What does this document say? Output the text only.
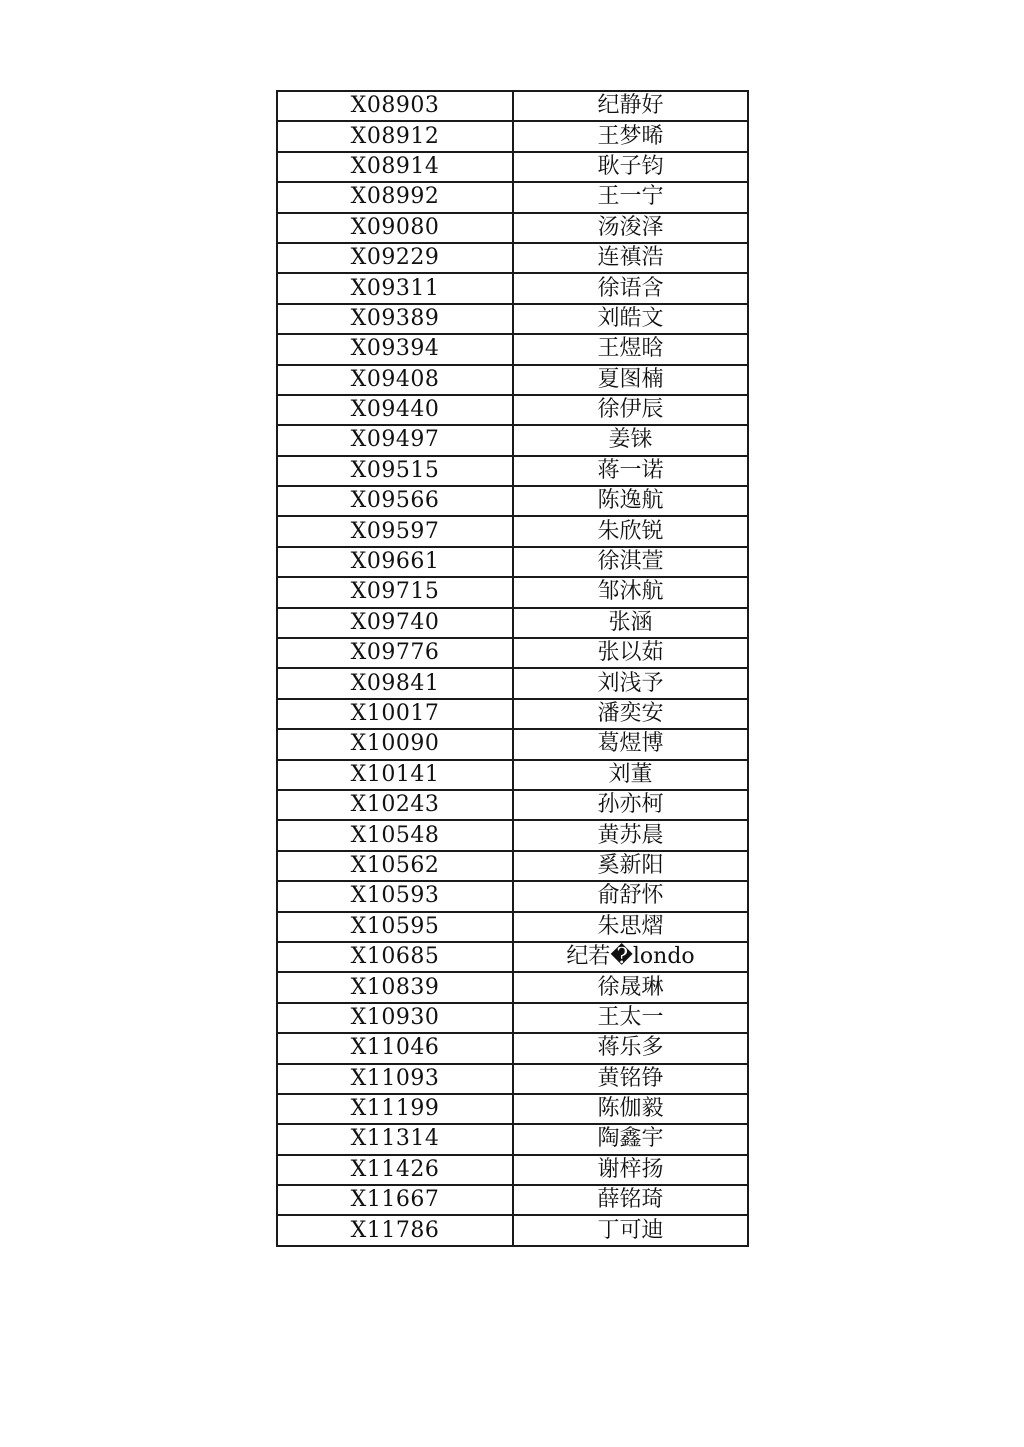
X08903	纪静好
X08912	王梦晞
X08914	耿子钧
X08992	王一宁
X09080	汤浚泽
X09229	连禛浩
X09311	徐语含
X09389	刘皓文
X09394	王煜晗
X09408	夏图楠
X09440	徐伊辰
X09497	姜铼
X09515	蒋一诺
X09566	陈逸航
X09597	朱欣锐
X09661	徐淇萱
X09715	邹沐航
X09740	张涵
X09776	张以茹
X09841	刘浅予
X10017	潘奕安
X10090	葛煜博
X10141	刘董
X10243	孙亦柯
X10548	黄苏晨
X10562	奚新阳
X10593	俞舒怀
X10595	朱思熠
X10685	纪若�londo
X10839	徐晟琳
X10930	王太一
X11046	蒋乐多
X11093	黄铭铮
X11199	陈伽毅
X11314	陶鑫宇
X11426	谢梓扬
X11667	薛铭琦
X11786	丁可迪
